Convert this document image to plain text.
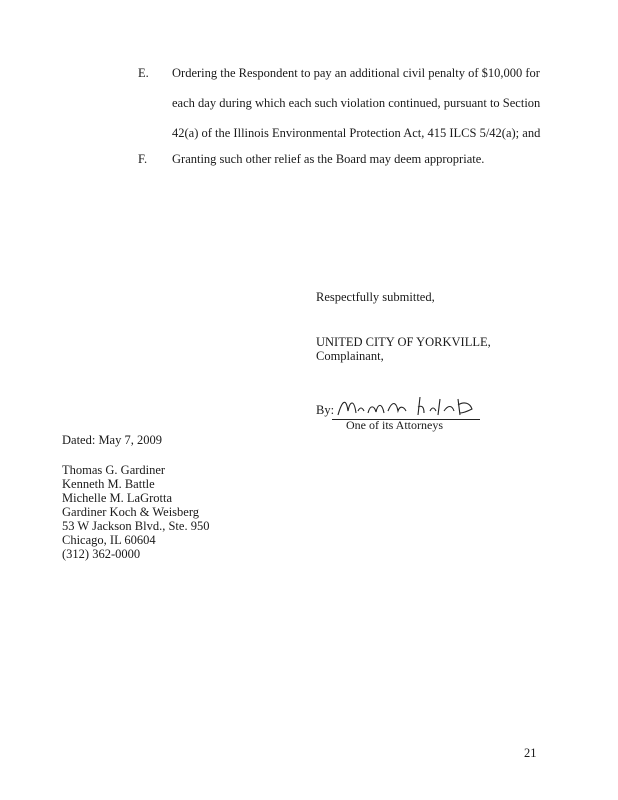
E. Ordering the Respondent to pay an additional civil penalty of $10,000 for
each day during which each such violation continued, pursuant to Section
42(a) of the Illinois Environmental Protection Act, 415 ILCS 5/42(a); and
F. Granting such other relief as the Board may deem appropriate.
Respectfully submitted,
UNITED CITY OF YORKVILLE,
Complainant,
By:
One of its Attorneys
Dated: May 7, 2009
Thomas G. Gardiner
Kenneth M. Battle
Michelle M. LaGrotta
Gardiner Koch & Weisberg
53 W Jackson Blvd., Ste. 950
Chicago, IL 60604
(312) 362-0000
21
